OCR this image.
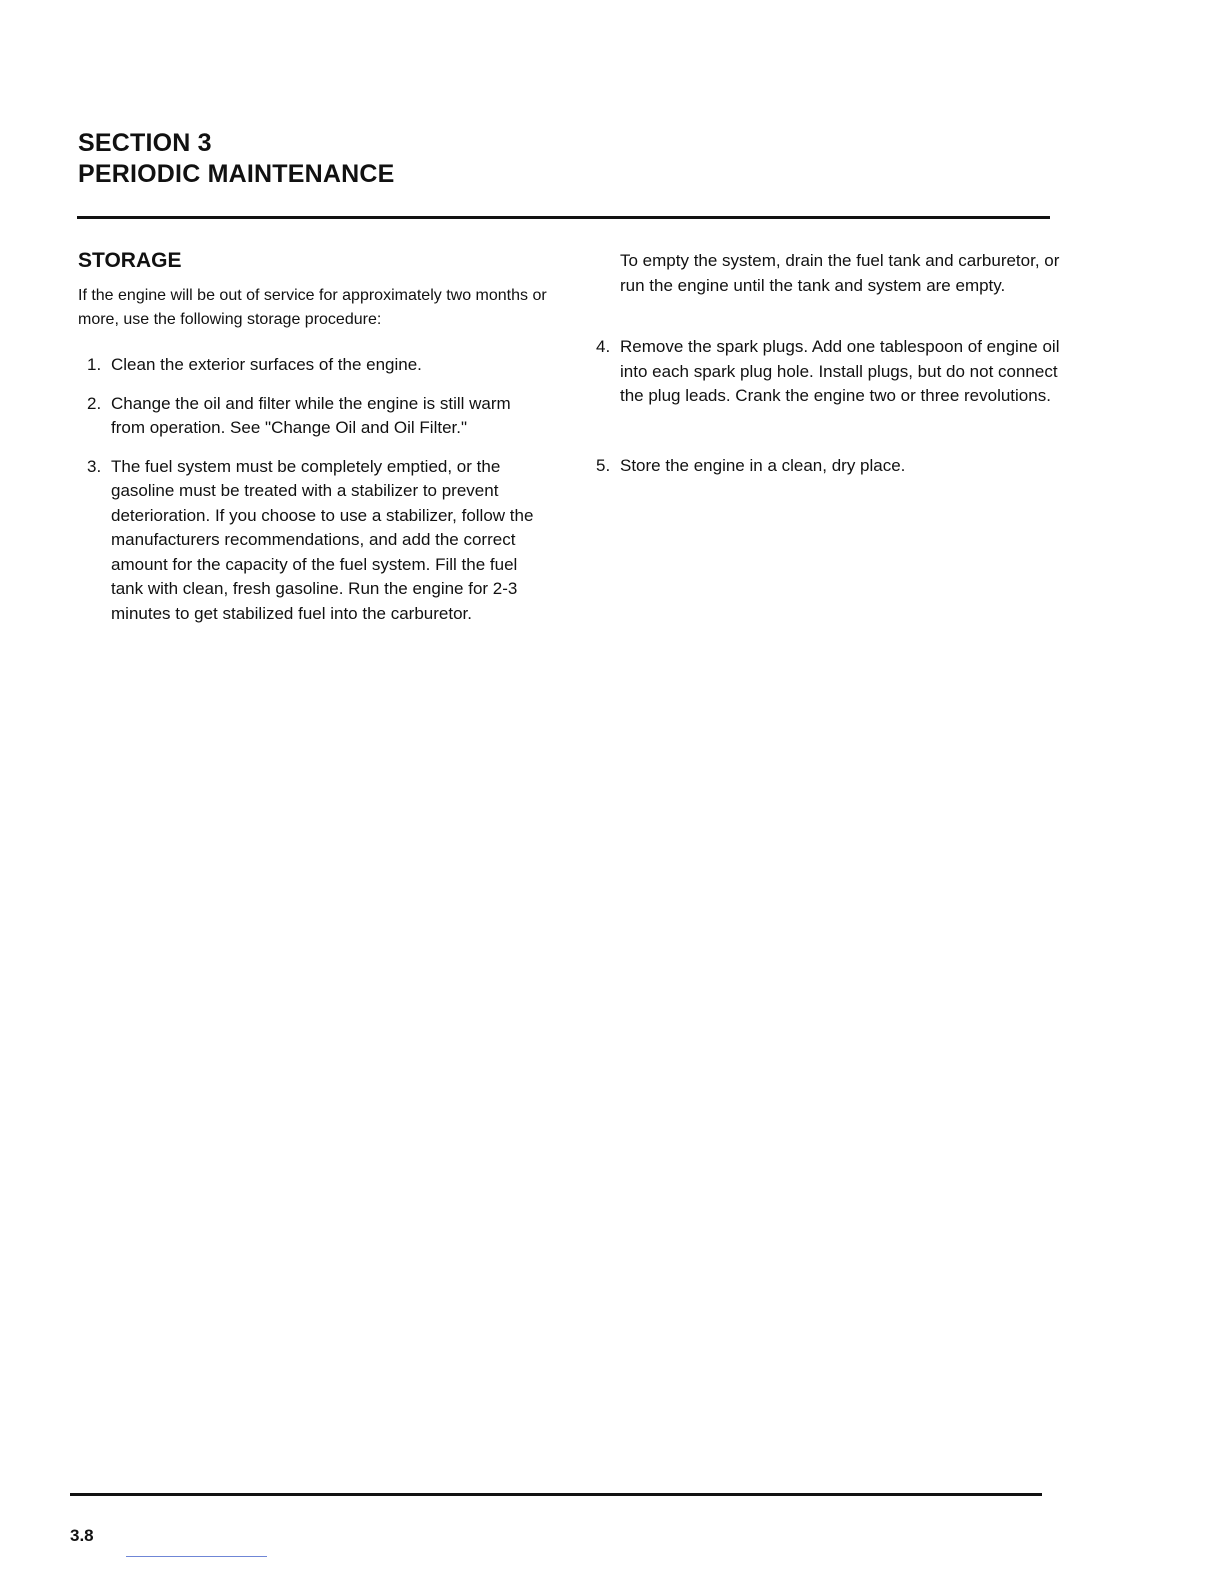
SECTION 3
PERIODIC MAINTENANCE
STORAGE

If the engine will be out of service for approximately two months or more, use the following storage procedure:

1. Clean the exterior surfaces of the engine.
2. Change the oil and filter while the engine is still warm from operation. See "Change Oil and Oil Filter."
3. The fuel system must be completely emptied, or the gasoline must be treated with a stabilizer to prevent deterioration. If you choose to use a stabilizer, follow the manufacturers recommendations, and add the correct amount for the capacity of the fuel system. Fill the fuel tank with clean, fresh gasoline. Run the engine for 2-3 minutes to get stabilized fuel into the carburetor.

To empty the system, drain the fuel tank and carburetor, or run the engine until the tank and system are empty.

4. Remove the spark plugs. Add one tablespoon of engine oil into each spark plug hole. Install plugs, but do not connect the plug leads. Crank the engine two or three revolutions.
5. Store the engine in a clean, dry place.
3.8
